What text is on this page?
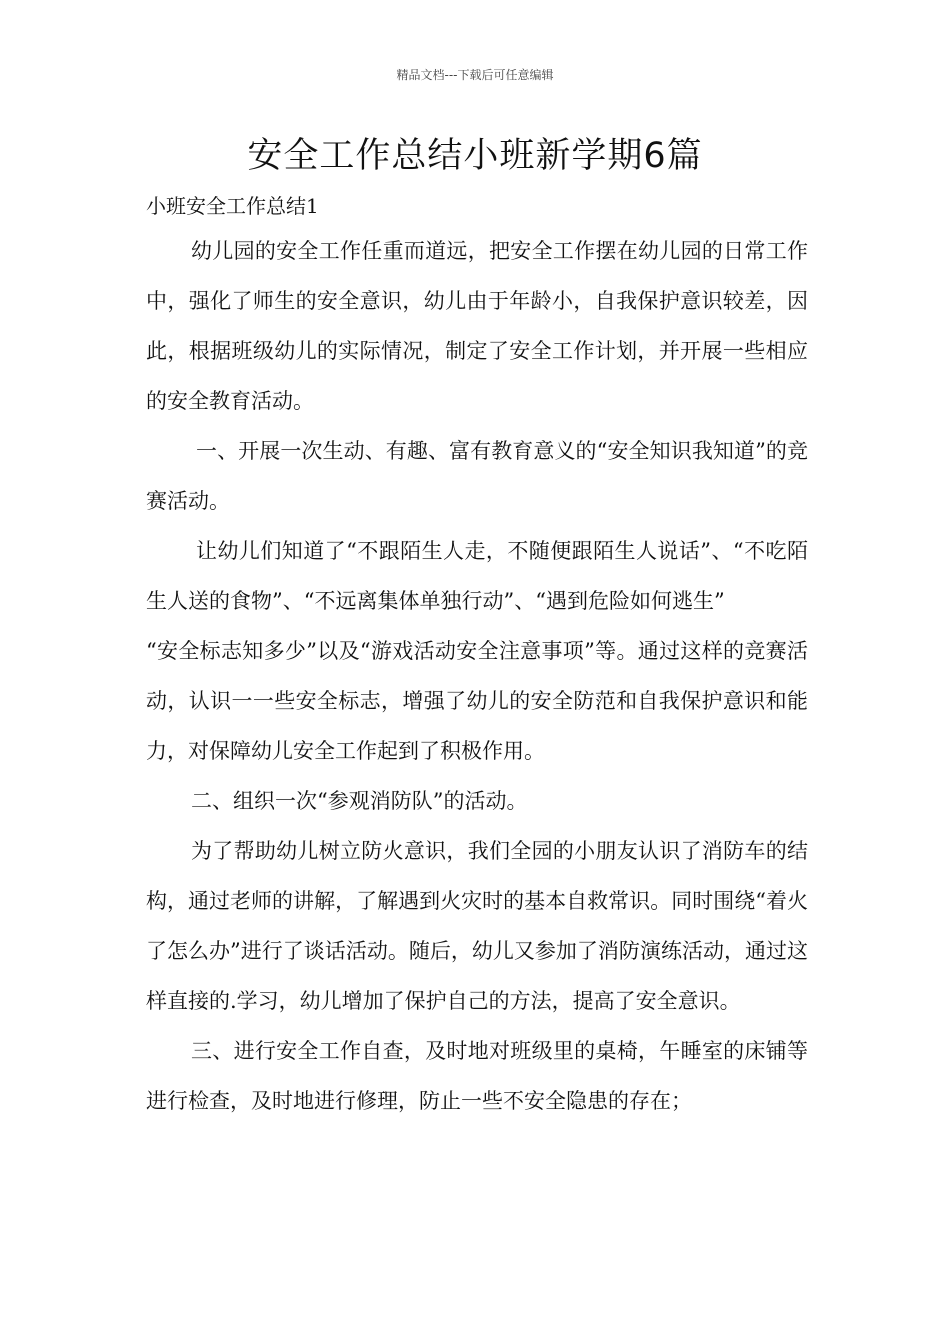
精品文档---下载后可任意编辑
安全工作总结小班新学期6篇
小班安全工作总结1

幼儿园的安全工作任重而道远，把安全工作摆在幼儿园的日常工作中，强化了师生的安全意识，幼儿由于年龄小，自我保护意识较差，因此，根据班级幼儿的实际情况，制定了安全工作计划，并开展一些相应的安全教育活动。

一、开展一次生动、有趣、富有教育意义的“安全知识我知道”的竞赛活动。

让幼儿们知道了“不跟陌生人走，不随便跟陌生人说话”、“不吃陌生人送的食物”、“不远离集体单独行动”、“遇到危险如何逃生”

“安全标志知多少”以及“游戏活动安全注意事项”等。通过这样的竞赛活动，认识一一些安全标志，增强了幼儿的安全防范和自我保护意识和能力，对保障幼儿安全工作起到了积极作用。

二、组织一次“参观消防队”的活动。

为了帮助幼儿树立防火意识，我们全园的小朋友认识了消防车的结构，通过老师的讲解，了解遇到火灾时的基本自救常识。同时围绕“着火了怎么办”进行了谈话活动。随后，幼儿又参加了消防演练活动，通过这样直接的.学习，幼儿增加了保护自己的方法，提高了安全意识。

三、进行安全工作自查，及时地对班级里的桌椅，午睡室的床铺等进行检查，及时地进行修理，防止一些不安全隐患的存在；
